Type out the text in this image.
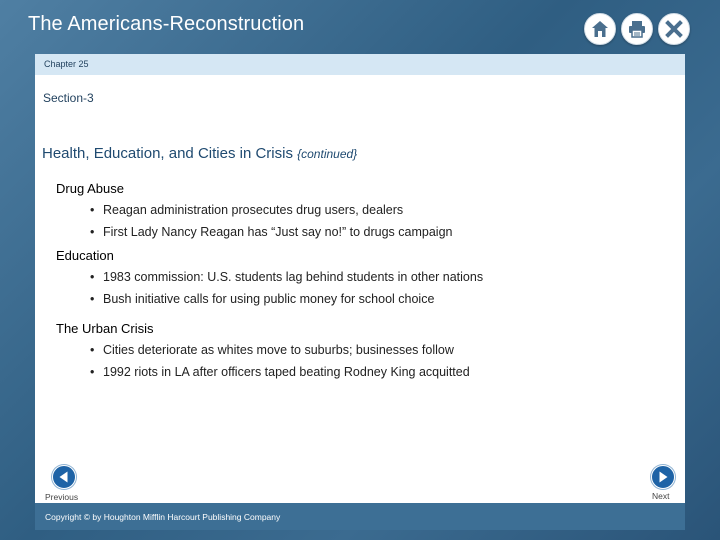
The Americans-Reconstruction
Chapter 25
Section-3
Health, Education, and Cities in Crisis {continued}
Drug Abuse
• Reagan administration prosecutes drug users, dealers
• First Lady Nancy Reagan has “Just say no!” to drugs campaign
Education
• 1983 commission: U.S. students lag behind students in other nations
• Bush initiative calls for using public money for school choice
The Urban Crisis
• Cities deteriorate as whites move to suburbs; businesses follow
• 1992 riots in LA after officers taped beating Rodney King acquitted
Previous	Next
Copyright © by Houghton Mifflin Harcourt Publishing Company
